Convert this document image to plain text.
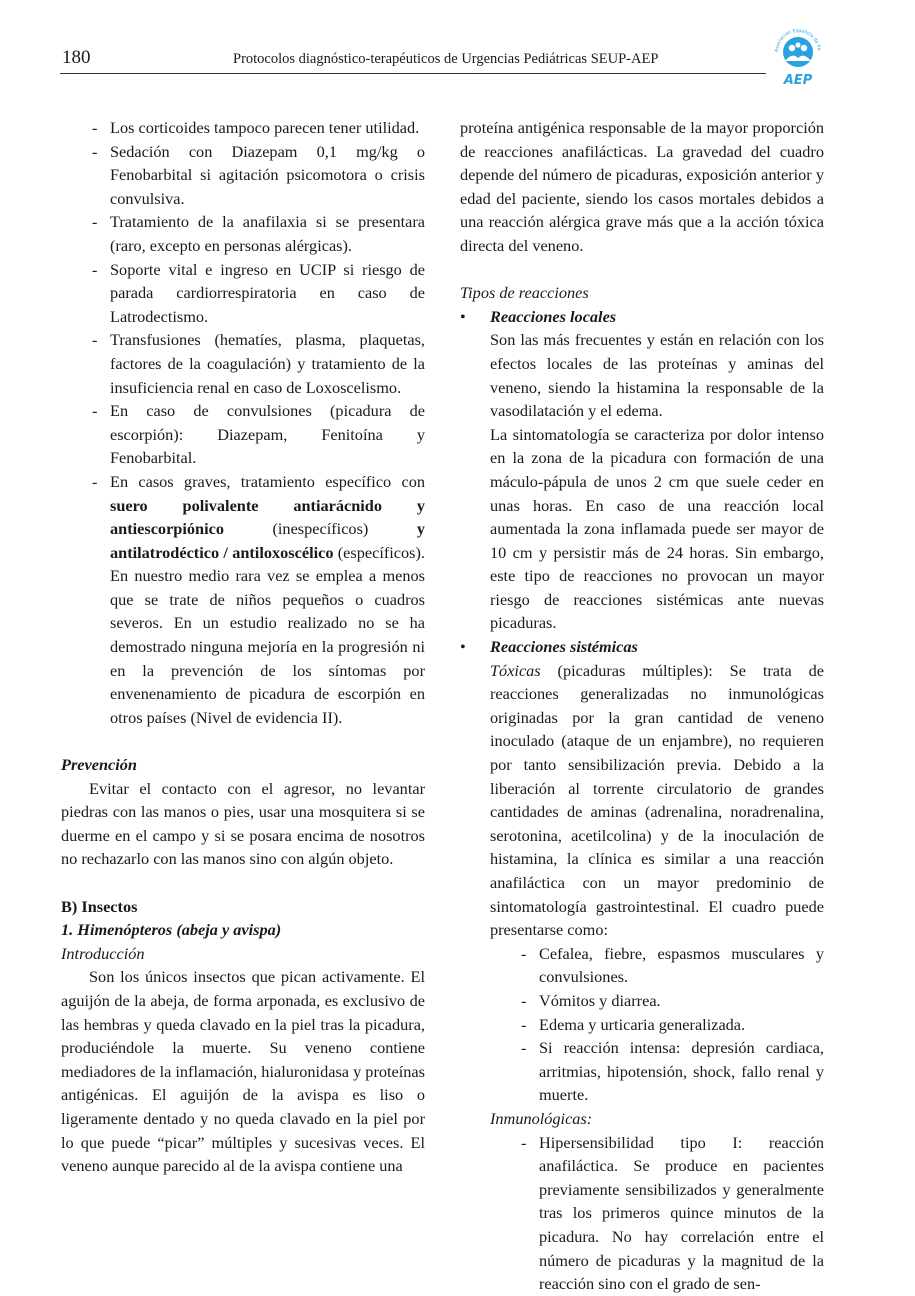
180	Protocolos diagnóstico-terapéuticos de Urgencias Pediátricas SEUP-AEP
Asociación Española de Pe
AEP
- Los corticoides tampoco parecen tener utilidad.
- Sedación con Diazepam 0,1 mg/kg o Fenobarbital si agitación psicomotora o crisis convulsiva.
- Tratamiento de la anafilaxia si se presentara (raro, excepto en personas alérgicas).
- Soporte vital e ingreso en UCIP si riesgo de parada cardiorrespiratoria en caso de Latrodectismo.
- Transfusiones (hematíes, plasma, plaquetas, factores de la coagulación) y tratamiento de la insuficiencia renal en caso de Loxoscelismo.
- En caso de convulsiones (picadura de escorpión): Diazepam, Fenitoína y Fenobarbital.
- En casos graves, tratamiento específico con suero polivalente antiarácnido y antiescorpiónico (inespecíficos) y antilatrodéctico / antiloxoscélico (específicos). En nuestro medio rara vez se emplea a menos que se trate de niños pequeños o cuadros severos. En un estudio realizado no se ha demostrado ninguna mejoría en la progresión ni en la prevención de los síntomas por envenenamiento de picadura de escorpión en otros países (Nivel de evidencia II).

Prevención

Evitar el contacto con el agresor, no levantar piedras con las manos o pies, usar una mosquitera si se duerme en el campo y si se posara encima de nosotros no rechazarlo con las manos sino con algún objeto.

B) Insectos

1. Himenópteros (abeja y avispa)

Introducción

Son los únicos insectos que pican activamente. El aguijón de la abeja, de forma arponada, es exclusivo de las hembras y queda clavado en la piel tras la picadura, produciéndole la muerte. Su veneno contiene mediadores de la inflamación, hialuronidasa y proteínas antigénicas. El aguijón de la avispa es liso o ligeramente dentado y no queda clavado en la piel por lo que puede “picar” múltiples y sucesivas veces. El veneno aunque parecido al de la avispa contiene una

proteína antigénica responsable de la mayor proporción de reacciones anafilácticas. La gravedad del cuadro depende del número de picaduras, exposición anterior y edad del paciente, siendo los casos mortales debidos a una reacción alérgica grave más que a la acción tóxica directa del veneno.

Tipos de reacciones

• Reacciones locales

Son las más frecuentes y están en relación con los efectos locales de las proteínas y aminas del veneno, siendo la histamina la responsable de la vasodilatación y el edema.

La sintomatología se caracteriza por dolor intenso en la zona de la picadura con formación de una máculo-pápula de unos 2 cm que suele ceder en unas horas. En caso de una reacción local aumentada la zona inflamada puede ser mayor de 10 cm y persistir más de 24 horas. Sin embargo, este tipo de reacciones no provocan un mayor riesgo de reacciones sistémicas ante nuevas picaduras.

• Reacciones sistémicas

Tóxicas (picaduras múltiples): Se trata de reacciones generalizadas no inmunológicas originadas por la gran cantidad de veneno inoculado (ataque de un enjambre), no requieren por tanto sensibilización previa. Debido a la liberación al torrente circulatorio de grandes cantidades de aminas (adrenalina, noradrenalina, serotonina, acetilcolina) y de la inoculación de histamina, la clínica es similar a una reacción anafiláctica con un mayor predominio de sintomatología gastrointestinal. El cuadro puede presentarse como:

- Cefalea, fiebre, espasmos musculares y convulsiones.
- Vómitos y diarrea.
- Edema y urticaria generalizada.
- Si reacción intensa: depresión cardiaca, arritmias, hipotensión, shock, fallo renal y muerte.

Inmunológicas:

- Hipersensibilidad tipo I: reacción anafiláctica. Se produce en pacientes previamente sensibilizados y generalmente tras los primeros quince minutos de la picadura. No hay correlación entre el número de picaduras y la magnitud de la reacción sino con el grado de sen-
